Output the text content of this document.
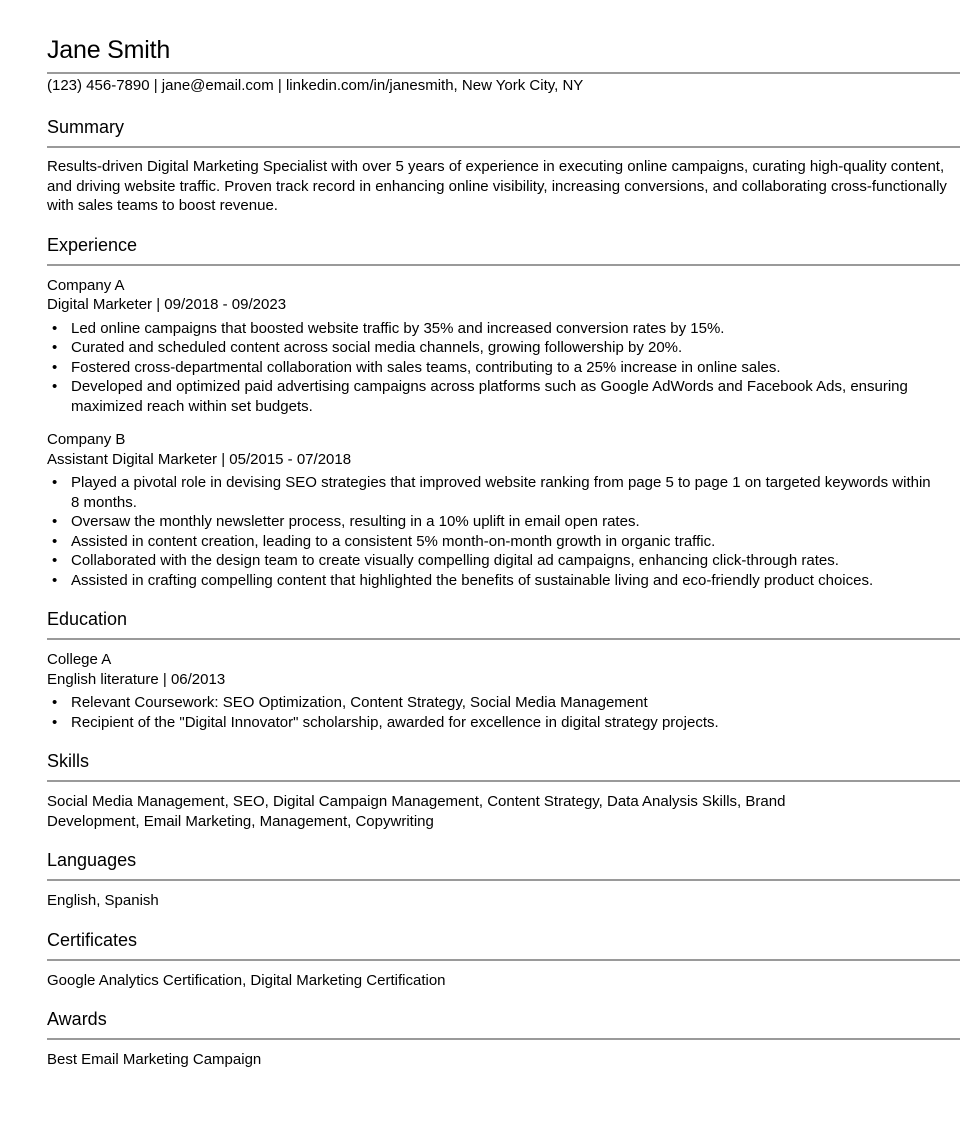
Jane Smith
(123) 456-7890 | jane@email.com | linkedin.com/in/janesmith, New York City, NY
Summary
Results-driven Digital Marketing Specialist with over 5 years of experience in executing online campaigns, curating high-quality content, and driving website traffic. Proven track record in enhancing online visibility, increasing conversions, and collaborating cross-functionally with sales teams to boost revenue.
Experience
Company A
Digital Marketer | 09/2018 - 09/2023
• Led online campaigns that boosted website traffic by 35% and increased conversion rates by 15%.
• Curated and scheduled content across social media channels, growing followership by 20%.
• Fostered cross-departmental collaboration with sales teams, contributing to a 25% increase in online sales.
• Developed and optimized paid advertising campaigns across platforms such as Google AdWords and Facebook Ads, ensuring maximized reach within set budgets.
Company B
Assistant Digital Marketer | 05/2015 - 07/2018
• Played a pivotal role in devising SEO strategies that improved website ranking from page 5 to page 1 on targeted keywords within 8 months.
• Oversaw the monthly newsletter process, resulting in a 10% uplift in email open rates.
• Assisted in content creation, leading to a consistent 5% month-on-month growth in organic traffic.
• Collaborated with the design team to create visually compelling digital ad campaigns, enhancing click-through rates.
• Assisted in crafting compelling content that highlighted the benefits of sustainable living and eco-friendly product choices.
Education
College A
English literature | 06/2013
• Relevant Coursework: SEO Optimization, Content Strategy, Social Media Management
• Recipient of the "Digital Innovator" scholarship, awarded for excellence in digital strategy projects.
Skills
Social Media Management, SEO, Digital Campaign Management, Content Strategy, Data Analysis Skills, Brand Development, Email Marketing, Management, Copywriting
Languages
English, Spanish
Certificates
Google Analytics Certification, Digital Marketing Certification
Awards
Best Email Marketing Campaign
